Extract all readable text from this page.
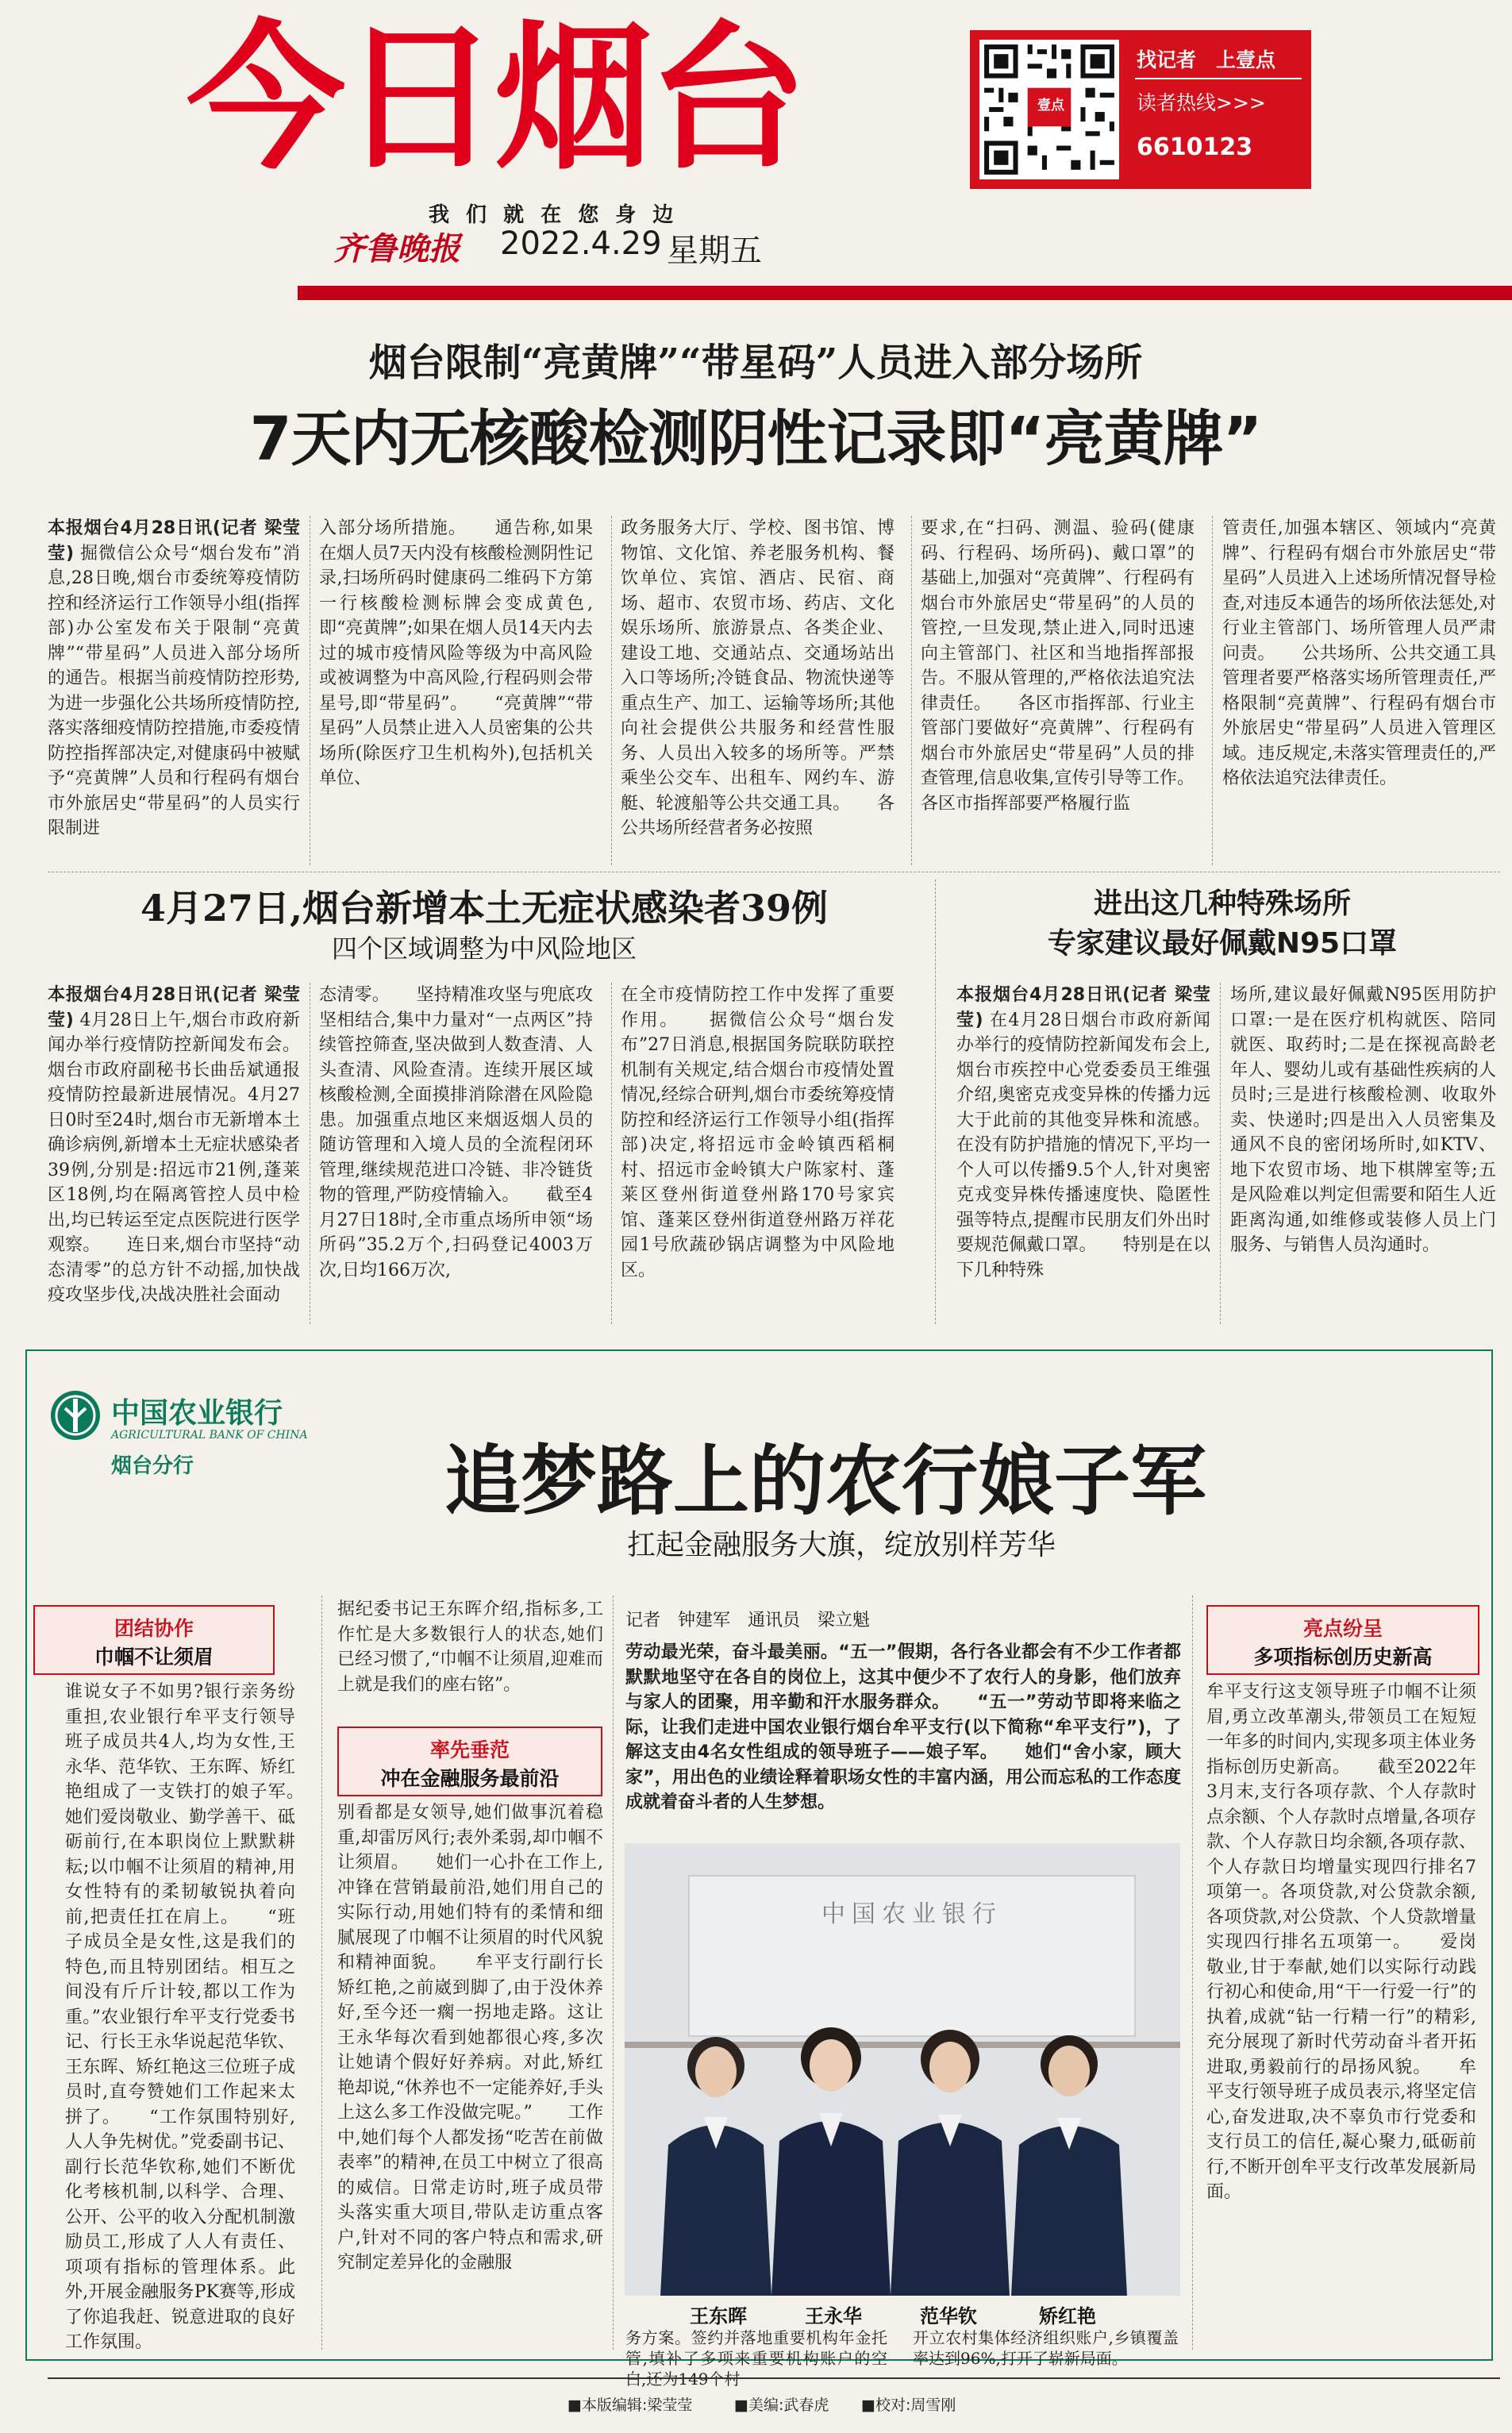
今日烟台
我 们 就 在 您 身 边
齐鲁晚报 2022.4.29 星期五
壹点
找记者　上壹点
读者热线>>>
6610123
烟台限制“亮黄牌”“带星码”人员进入部分场所
7天内无核酸检测阴性记录即“亮黄牌”
本报烟台4月28日讯(记者 梁莹莹) 掘微信公众号“烟台发布”消息,28日晚,烟台市委统筹疫情防控和经济运行工作领导小组(指挥部)办公室发布关于限制“亮黄牌”“带星码”人员进入部分场所的通告。根据当前疫情防控形势,为进一步强化公共场所疫情防控,落实落细疫情防控措施,市委疫情防控指挥部决定,对健康码中被赋予“亮黄牌”人员和行程码有烟台市外旅居史“带星码”的人员实行限制进
入部分场所措施。　　通告称,如果在烟人员7天内没有核酸检测阴性记录,扫场所码时健康码二维码下方第一行核酸检测标牌会变成黄色,即“亮黄牌”;如果在烟人员14天内去过的城市疫情风险等级为中高风险或被调整为中高风险,行程码则会带星号,即“带星码”。　　“亮黄牌”“带星码”人员禁止进入人员密集的公共场所(除医疗卫生机构外),包括机关单位、
政务服务大厅、学校、图书馆、博物馆、文化馆、养老服务机构、餐饮单位、宾馆、酒店、民宿、商场、超市、农贸市场、药店、文化娱乐场所、旅游景点、各类企业、建设工地、交通站点、交通场站出入口等场所;冷链食品、物流快递等重点生产、加工、运输等场所;其他向社会提供公共服务和经营性服务、人员出入较多的场所等。严禁乘坐公交车、出租车、网约车、游艇、轮渡船等公共交通工具。　　各公共场所经营者务必按照
要求,在“扫码、测温、验码(健康码、行程码、场所码)、戴口罩”的基础上,加强对“亮黄牌”、行程码有烟台市外旅居史“带星码”的人员的管控,一旦发现,禁止进入,同时迅速向主管部门、社区和当地指挥部报告。不服从管理的,严格依法追究法律责任。　　各区市指挥部、行业主管部门要做好“亮黄牌”、行程码有烟台市外旅居史“带星码”人员的排查管理,信息收集,宣传引导等工作。各区市指挥部要严格履行监
管责任,加强本辖区、领域内“亮黄牌”、行程码有烟台市外旅居史“带星码”人员进入上述场所情况督导检查,对违反本通告的场所依法惩处,对行业主管部门、场所管理人员严肃问责。　　公共场所、公共交通工具管理者要严格落实场所管理责任,严格限制“亮黄牌”、行程码有烟台市外旅居史“带星码”人员进入管理区域。违反规定,未落实管理责任的,严格依法追究法律责任。
4月27日,烟台新增本土无症状感染者39例
四个区域调整为中风险地区
本报烟台4月28日讯(记者 梁莹莹) 4月28日上午,烟台市政府新闻办举行疫情防控新闻发布会。烟台市政府副秘书长曲岳斌通报疫情防控最新进展情况。4月27日0时至24时,烟台市无新增本土确诊病例,新增本土无症状感染者39例,分别是:招远市21例,蓬莱区18例,均在隔离管控人员中检出,均已转运至定点医院进行医学观察。　　连日来,烟台市坚持“动态清零”的总方针不动摇,加快战疫攻坚步伐,决战决胜社会面动
态清零。　　坚持精准攻坚与兜底攻坚相结合,集中力量对“一点两区”持续管控筛查,坚决做到人数查清、人头查清、风险查清。连续开展区域核酸检测,全面摸排消除潜在风险隐患。加强重点地区来烟返烟人员的随访管理和入境人员的全流程闭环管理,继续规范进口冷链、非冷链货物的管理,严防疫情输入。　　截至4月27日18时,全市重点场所申领“场所码”35.2万个,扫码登记4003万次,日均166万次,
在全市疫情防控工作中发挥了重要作用。　　据微信公众号“烟台发布”27日消息,根据国务院联防联控机制有关规定,结合烟台市疫情处置情况,经综合研判,烟台市委统筹疫情防控和经济运行工作领导小组(指挥部)决定,将招远市金岭镇西稻桐村、招远市金岭镇大户陈家村、蓬莱区登州街道登州路170号家宾馆、蓬莱区登州街道登州路万祥花园1号欣蔬砂锅店调整为中风险地区。
进出这几种特殊场所
专家建议最好佩戴N95口罩
本报烟台4月28日讯(记者 梁莹莹) 在4月28日烟台市政府新闻办举行的疫情防控新闻发布会上,烟台市疾控中心党委委员王维强介绍,奥密克戎变异株的传播力远大于此前的其他变异株和流感。在没有防护措施的情况下,平均一个人可以传播9.5个人,针对奥密克戎变异株传播速度快、隐匿性强等特点,提醒市民朋友们外出时要规范佩戴口罩。　　特别是在以下几种特殊
场所,建议最好佩戴N95医用防护口罩:一是在医疗机构就医、陪同就医、取药时;二是在探视高龄老年人、婴幼儿或有基础性疾病的人员时;三是进行核酸检测、收取外卖、快递时;四是出入人员密集及通风不良的密闭场所时,如KTV、地下农贸市场、地下棋牌室等;五是风险难以判定但需要和陌生人近距离沟通,如维修或装修人员上门服务、与销售人员沟通时。
中国农业银行
AGRICULTURAL BANK OF CHINA
烟台分行	追梦路上的农行娘子军
扛起金融服务大旗，绽放别样芳华
团结协作
巾帼不让须眉
率先垂范
冲在金融服务最前沿
亮点纷呈
多项指标创历史新高
谁说女子不如男?银行亲务纷重担,农业银行牟平支行领导班子成员共4人,均为女性,王永华、范华钦、王东晖、矫红艳组成了一支铁打的娘子军。　　她们爱岗敬业、勤学善干、砥砺前行,在本职岗位上默默耕耘;以巾帼不让须眉的精神,用女性特有的柔韧敏锐执着向前,把责任扛在肩上。　　“班子成员全是女性,这是我们的特色,而且特别团结。相互之间没有斤斤计较,都以工作为重。”农业银行牟平支行党委书记、行长王永华说起范华钦、王东晖、矫红艳这三位班子成员时,直夸赞她们工作起来太拼了。　　“工作氛围特别好,人人争先树优。”党委副书记、副行长范华钦称,她们不断优化考核机制,以科学、合理、公开、公平的收入分配机制激励员工,形成了人人有责任、项项有指标的管理体系。此外,开展金融服务PK赛等,形成了你追我赶、锐意进取的良好工作氛围。
据纪委书记王东晖介绍,指标多,工作忙是大多数银行人的状态,她们已经习惯了,“巾帼不让须眉,迎难而上就是我们的座右铭”。
别看都是女领导,她们做事沉着稳重,却雷厉风行;表外柔弱,却巾帼不让须眉。　　她们一心扑在工作上,冲锋在营销最前沿,她们用自己的实际行动,用她们特有的柔情和细腻展现了巾帼不让须眉的时代风貌和精神面貌。　　牟平支行副行长矫红艳,之前崴到脚了,由于没休养好,至今还一瘸一拐地走路。这让王永华每次看到她都很心疼,多次让她请个假好好养病。对此,矫红艳却说,“休养也不一定能养好,手头上这么多工作没做完呢。”　　工作中,她们每个人都发扬“吃苦在前做表率”的精神,在员工中树立了很高的威信。日常走访时,班子成员带头落实重大项目,带队走访重点客户,针对不同的客户特点和需求,研究制定差异化的金融服
记者　钟建军　通讯员　梁立魁
劳动最光荣，奋斗最美丽。“五一”假期，各行各业都会有不少工作者都默默地坚守在各自的岗位上，这其中便少不了农行人的身影，他们放弃与家人的团聚，用辛勤和汗水服务群众。　　“五一”劳动节即将来临之际，让我们走进中国农业银行烟台牟平支行(以下简称“牟平支行”)，了解这支由4名女性组成的领导班子——娘子军。　　她们“舍小家，顾大家”，用出色的业绩诠释着职场女性的丰富内涵，用公而忘私的工作态度成就着奋斗者的人生梦想。
中国农业银行
王东晖	王永华	范华钦	矫红艳
务方案。签约并落地重要机构年金托管,填补了多项来重要机构账户的空白,还为149个村
开立农村集体经济组织账户,乡镇覆盖率达到96%,打开了崭新局面。
牟平支行这支领导班子巾帼不让须眉,勇立改革潮头,带领员工在短短一年多的时间内,实现多项主体业务指标创历史新高。　　截至2022年3月末,支行各项存款、个人存款时点余额、个人存款时点增量,各项存款、个人存款日均余额,各项存款、个人存款日均增量实现四行排名7项第一。各项贷款,对公贷款余额,各项贷款,对公贷款、个人贷款增量实现四行排名五项第一。　　爱岗敬业,甘于奉献,她们以实际行动践行初心和使命,用“干一行爱一行”的执着,成就“钻一行精一行”的精彩,充分展现了新时代劳动奋斗者开拓进取,勇毅前行的昂扬风貌。　　牟平支行领导班子成员表示,将坚定信心,奋发进取,决不辜负市行党委和支行员工的信任,凝心聚力,砥砺前行,不断开创牟平支行改革发展新局面。
■本版编辑:梁莹莹	■美编:武春虎 ■校对:周雪刚
